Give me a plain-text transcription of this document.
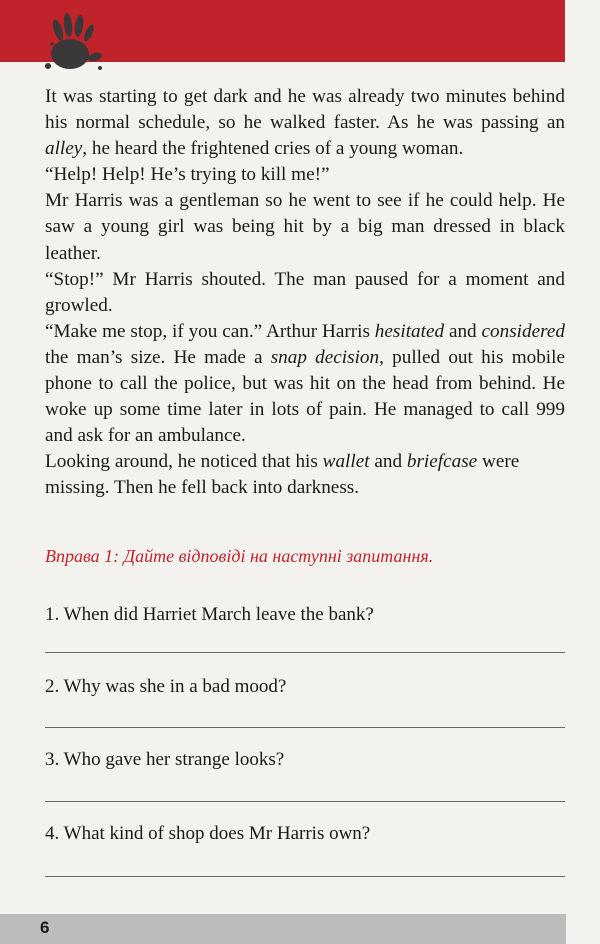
It was starting to get dark and he was already two minutes behind his normal schedule, so he walked faster. As he was passing an alley, he heard the frightened cries of a young woman.

“Help! Help! He’s trying to kill me!”

Mr Harris was a gentleman so he went to see if he could help. He saw a young girl was being hit by a big man dressed in black leather.

“Stop!” Mr Harris shouted. The man paused for a moment and growled.

“Make me stop, if you can.” Arthur Harris hesitated and considered the man’s size. He made a snap decision, pulled out his mobile phone to call the police, but was hit on the head from behind. He woke up some time later in lots of pain. He managed to call 999 and ask for an ambulance.

Looking around, he noticed that his wallet and briefcase were missing. Then he fell back into darkness.

Вправа 1: Дайте відповіді на наступні запитання.
1. When did Harriet March leave the bank?
2. Why was she in a bad mood?
3. Who gave her strange looks?
4. What kind of shop does Mr Harris own?
6
